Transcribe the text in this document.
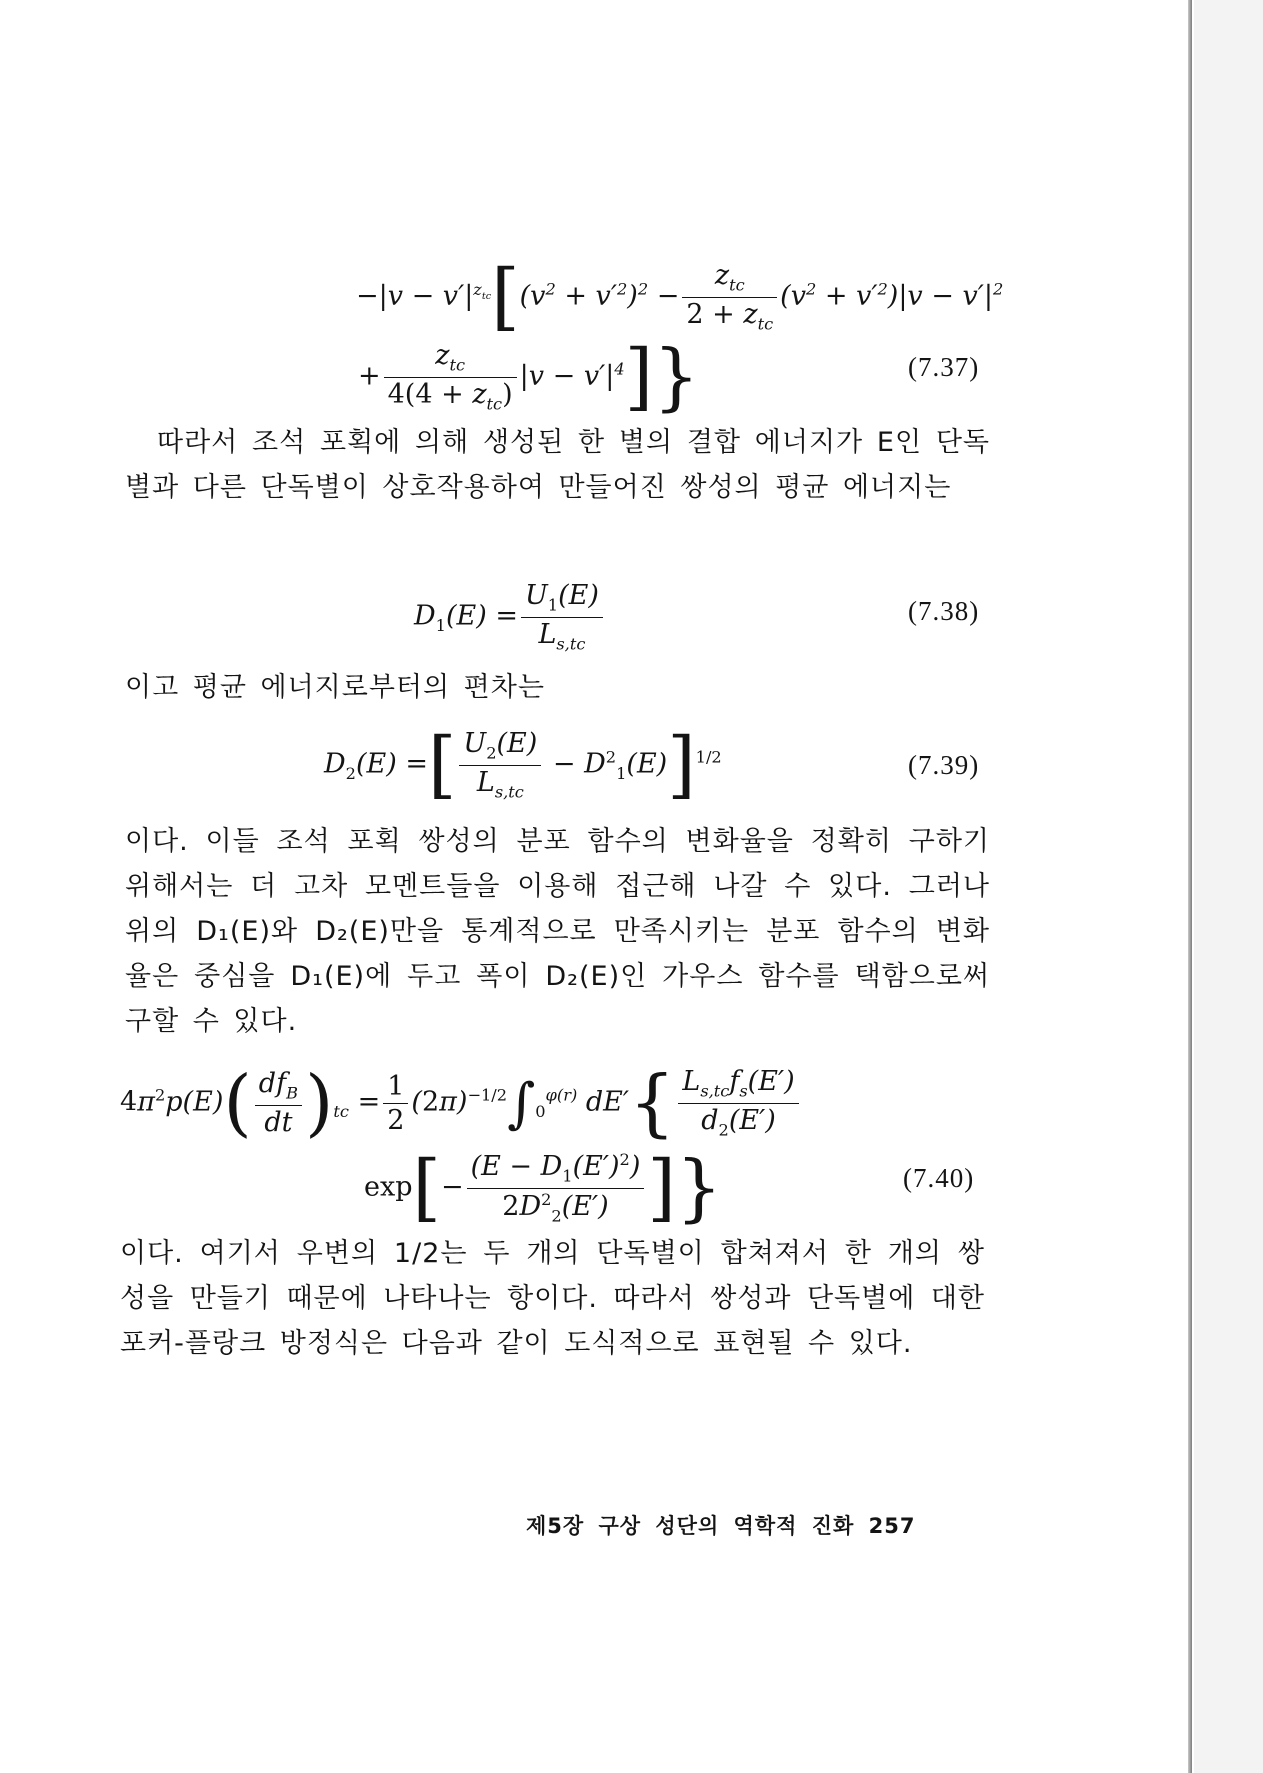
$-|v - v'|^{z_{tc}}[(v^2 + v'^2)^2 - \frac{z_{tc}}{2 + z_{tc}} (v^2 + v'^2)|v - v'|^2$
+ $\frac{z_{tc}}{4(4 + z_{tc})} |v - v'|^4$]}	(7.37)
따라서 조석 포획에 의해 생성된 한 별의 결합 에너지가 E인 단독별과 다른 단독별이 상호작용하여 만들어진 쌍성의 평균 에너지는
$D_1(E) = \frac{U_1(E)}{L_{s,tc}}$	(7.38)
이고 평균 에너지로부터의 편차는
$D_2(E)$ =[ $\frac{U_2(E)}{L_{s,tc}} - D^2_1(E)]^{1/2}$	(7.39)
이다. 이들 조석 포획 쌍성의 분포 함수의 변화율을 정확히 구하기 위해서는 더 고차 모멘트들을 이용해 접근해 나갈 수 있다. 그러나 위의 D₁(E)와 D₂(E)만을 통계적으로 만족시키는 분포 함수의 변화율은 중심을 D₁(E)에 두고 폭이 D₂(E)인 가우스 함수를 택함으로써 구할 수 있다.
$4\pi^2p(E)( \frac{df_B}{dt} )_{tc} = \frac{1}{2} (2\pi)^{-1/2}\int_0^{\varphi(r)}$ $dE'\{ \frac{L_{s,tc}f_s(E')}{d_2(E')}$
$\exp[- \frac{(E - D_1(E')^2)}{2D^2_2(E')}$ ]}	(7.40)
이다. 여기서 우변의 1/2는 두 개의 단독별이 합쳐져서 한 개의 쌍성을 만들기 때문에 나타나는 항이다. 따라서 쌍성과 단독별에 대한 포커-플랑크 방정식은 다음과 같이 도식적으로 표현될 수 있다.
제5장 구상 성단의 역학적 진화 257
